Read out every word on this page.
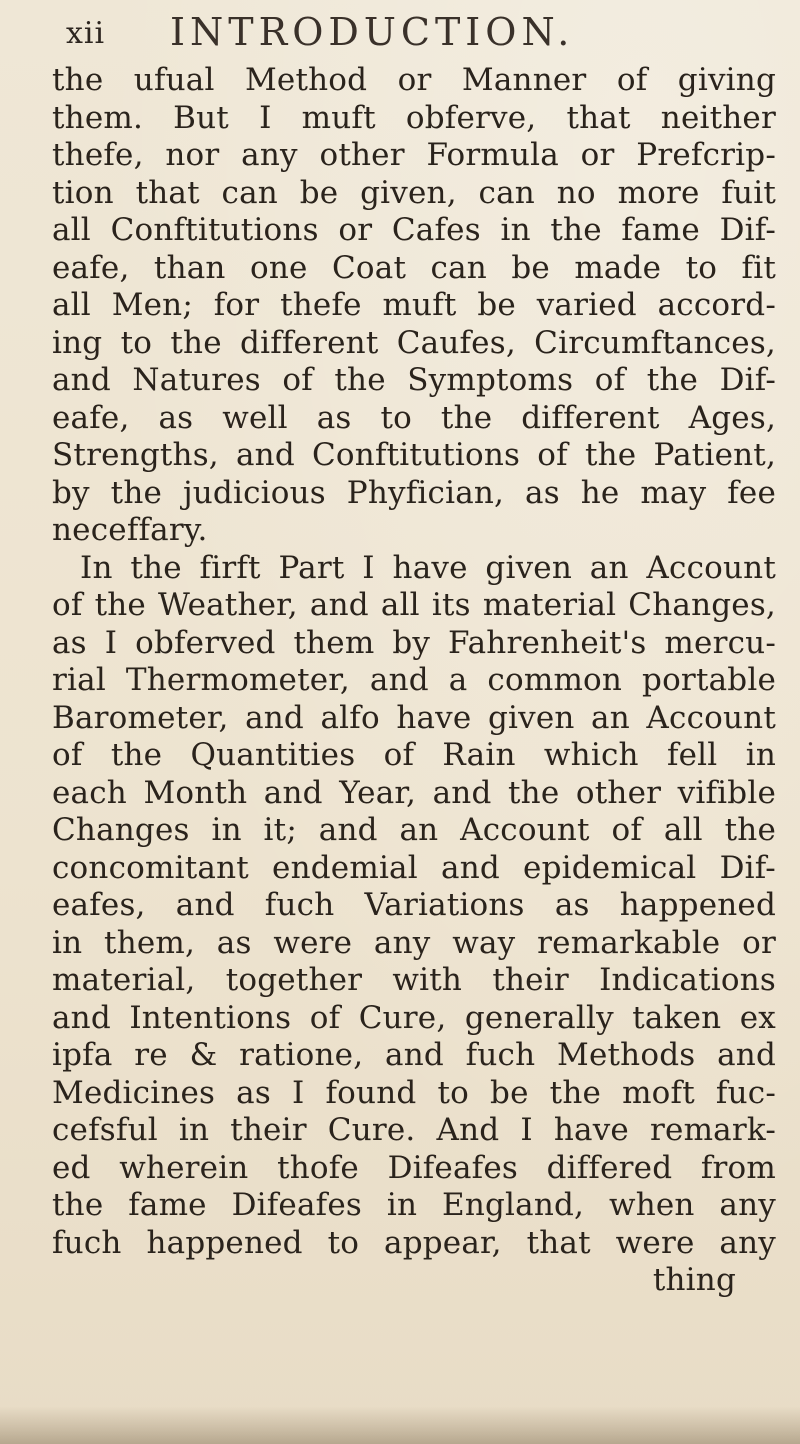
xii INTRODUCTION.
the ufual Method or Manner of giving
them. But I muft obferve, that neither
thefe, nor any other Formula or Prefcrip-
tion that can be given, can no more fuit
all Conftitutions or Cafes in the fame Dif-
eafe, than one Coat can be made to fit
all Men; for thefe muft be varied accord-
ing to the different Caufes, Circumftances,
and Natures of the Symptoms of the Dif-
eafe, as well as to the different Ages,
Strengths, and Conftitutions of the Patient,
by the judicious Phyfician, as he may fee
neceffary.
In the firft Part I have given an Account
of the Weather, and all its material Changes,
as I obferved them by Fahrenheit's mercu-
rial Thermometer, and a common portable
Barometer, and alfo have given an Account
of the Quantities of Rain which fell in
each Month and Year, and the other vifible
Changes in it; and an Account of all the
concomitant endemial and epidemical Dif-
eafes, and fuch Variations as happened
in them, as were any way remarkable or
material, together with their Indications
and Intentions of Cure, generally taken ex
ipfa re & ratione, and fuch Methods and
Medicines as I found to be the moft fuc-
cefsful in their Cure. And I have remark-
ed wherein thofe Difeafes differed from
the fame Difeafes in England, when any
fuch happened to appear, that were any
thing
